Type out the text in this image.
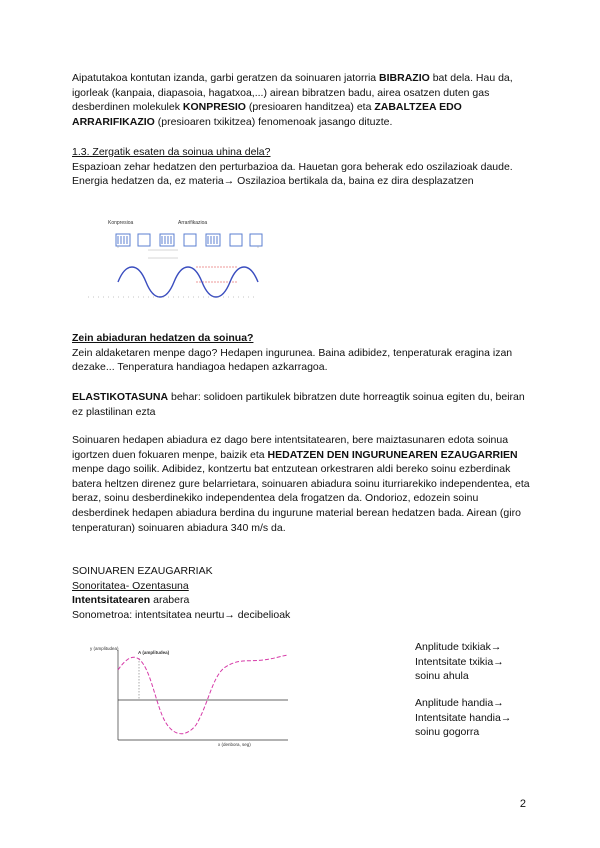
Aipatutakoa kontutan izanda, garbi geratzen da soinuaren jatorria BIBRAZIO bat dela. Hau da, igorleak (kanpaia, diapasoia, hagatxoa,...) airean bibratzen badu, airea osatzen duten gas desberdinen molekulek KONPRESIO (presioaren handitzea) eta ZABALTZEA EDO ARRARIFIKAZIO (presioaren txikitzea) fenomenoak jasango dituzte.
1.3. Zergatik esaten da soinua uhina dela?
Espazioan zehar hedatzen den perturbazioa da. Hauetan gora beherak edo oszilazioak daude.
Energia hedatzen da, ez materia→ Oszilazioa bertikala da, baina ez dira desplazatzen
Konpresioa	Arrarifikazioa
Zein abiaduran hedatzen da soinua?
Zein aldaketaren menpe dago? Hedapen ingurunea. Baina adibidez, tenperaturak eragina izan dezake... Tenperatura handiagoa hedapen azkarragoa.
ELASTIKOTASUNA behar: solidoen partikulek bibratzen dute horreagtik soinua egiten du, beiran ez plastilinan ezta
Soinuaren hedapen abiadura ez dago bere intentsitatearen, bere maiztasunaren edota soinua igortzen duen fokuaren menpe, baizik eta HEDATZEN DEN INGURUNEAREN EZAUGARRIEN menpe dago soilik. Adibidez, kontzertu bat entzutean orkestraren aldi bereko soinu ezberdinak batera heltzen direnez gure belarrietara, soinuaren abiadura soinu iturriarekiko independentea, eta beraz, soinu desberdinekiko independentea dela frogatzen da. Ondorioz, edozein soinu desberdinek hedapen abiadura berdina du ingurune material berean hedatzen bada. Airean (giro tenperaturan) soinuaren abiadura 340 m/s da.
SOINUAREN EZAUGARRIAK
Sonoritatea- Ozentasuna
Intentsitatearen arabera
Sonometroa: intentsitatea neurtu→ decibelioak
y (amplitudea)
A (amplitudea)
x (denbora, seg)
Anplitude txikiak→
Intentsitate txikia→
soinu ahula
Anplitude handia→
Intentsitate handia→
soinu gogorra
2
